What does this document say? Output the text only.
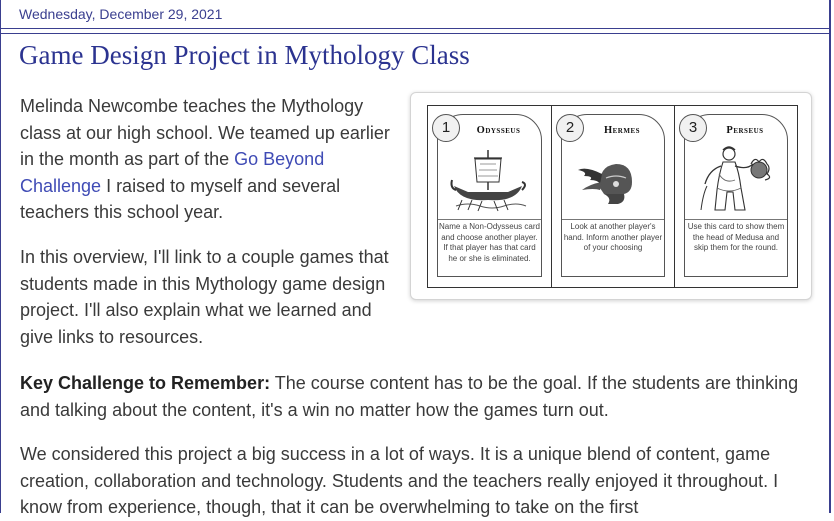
Wednesday, December 29, 2021
Game Design Project in Mythology Class

Melinda Newcombe teaches the Mythology class at our high school. We teamed up earlier in the month as part of the Go Beyond Challenge I raised to myself and several teachers this school year.

In this overview, I'll link to a couple games that students made in this Mythology game design project. I'll also explain what we learned and give links to resources.

Key Challenge to Remember: The course content has to be the goal. If the students are thinking and talking about the content, it's a win no matter how the games turn out.

We considered this project a big success in a lot of ways. It is a unique blend of content, game creation, collaboration and technology. Students and the teachers really enjoyed it throughout. I know from experience, though, that it can be overwhelming to take on the first

1	Odysseus
Name a Non-Odysseus card and choose another player. If that player has that card he or she is eliminated.
2	Hermes
Look at another player's hand. Inform another player of your choosing
3	Perseus
Use this card to show them the head of Medusa and skip them for the round.
